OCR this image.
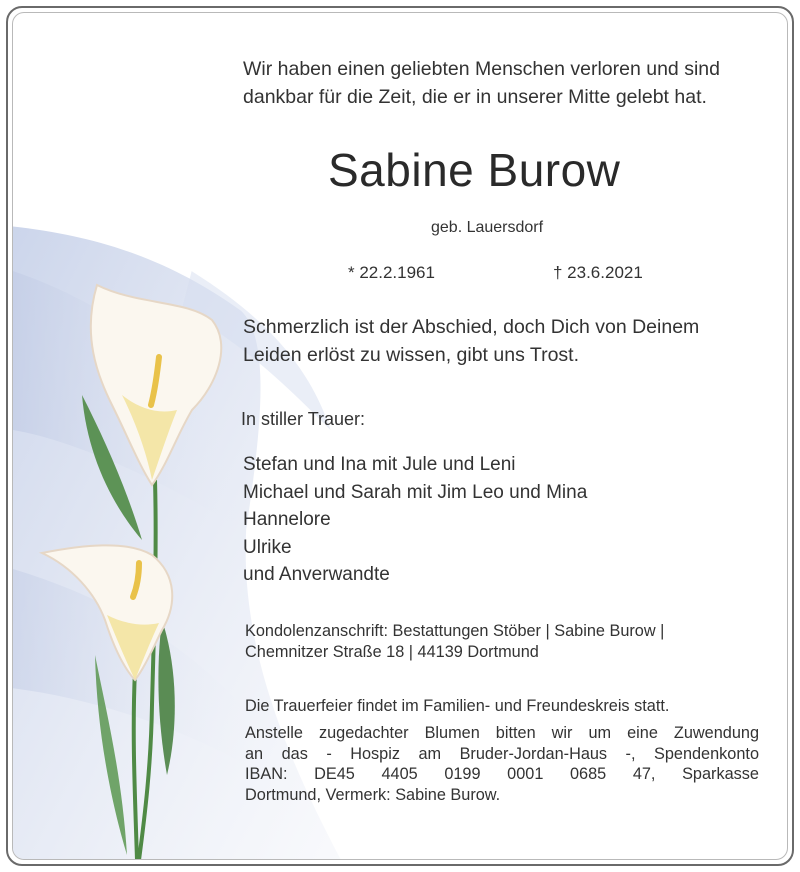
Wir haben einen geliebten Menschen verloren und sind
dankbar für die Zeit, die er in unserer Mitte gelebt hat.
Sabine Burow
geb. Lauersdorf
* 22.2.1961	† 23.6.2021
Schmerzlich ist der Abschied, doch Dich von Deinem
Leiden erlöst zu wissen, gibt uns Trost.
In stiller Trauer:
Stefan und Ina mit Jule und Leni
Michael und Sarah mit Jim Leo und Mina
Hannelore
Ulrike
und Anverwandte
Kondolenzanschrift: Bestattungen Stöber | Sabine Burow |
Chemnitzer Straße 18 | 44139 Dortmund
Die Trauerfeier findet im Familien- und Freundeskreis statt.
Anstelle zugedachter Blumen bitten wir um eine Zuwendung
an das - Hospiz am Bruder-Jordan-Haus -, Spendenkonto
IBAN: DE45 4405 0199 0001 0685 47, Sparkasse
Dortmund, Vermerk: Sabine Burow.
